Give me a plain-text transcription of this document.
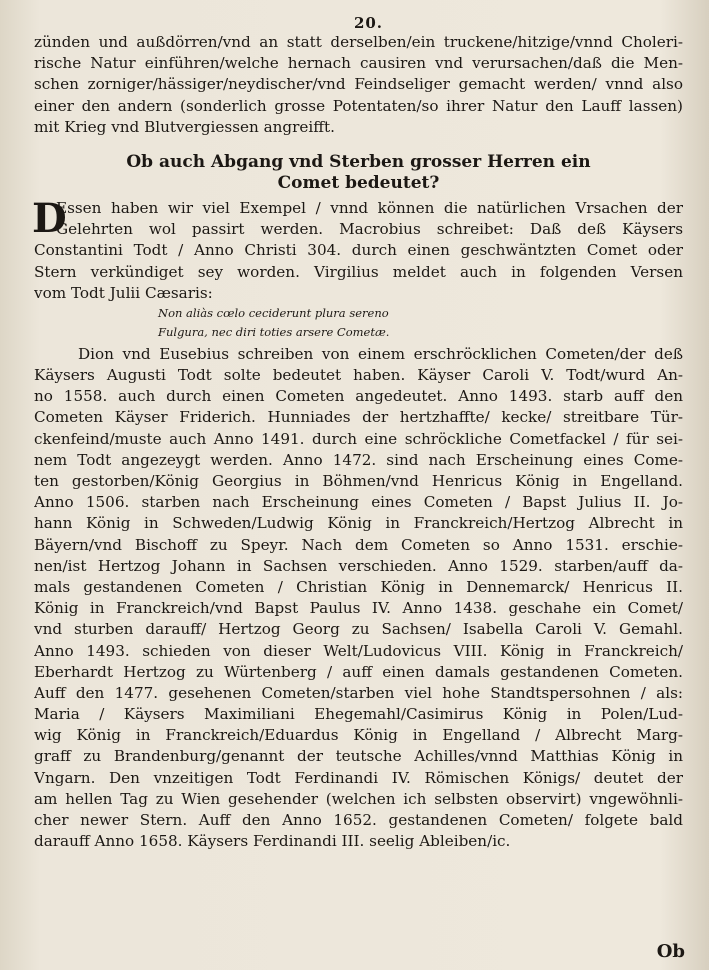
20.
zünden und außdörren/vnd an statt derselben/ein truckene/hitzige/vnnd Choleri-
rische Natur einführen/welche hernach causiren vnd verursachen/daß die Men-
schen zorniger/hässiger/neydischer/vnd Feindseliger gemacht werden/ vnnd also
einer den andern (sonderlich grosse Potentaten/so ihrer Natur den Lauff lassen)
mit Krieg vnd Blutvergiessen angreifft.
Ob auch Abgang vnd Sterben grosser Herren ein
Comet bedeutet?
D
Essen haben wir viel Exempel / vnnd können die natürlichen Vrsachen der
Gelehrten wol passirt werden. Macrobius schreibet: Daß deß Käysers
Constantini Todt / Anno Christi 304. durch einen geschwäntzten Comet oder
Stern verkündiget sey worden. Virgilius meldet auch in folgenden Versen
vom Todt Julii Cæsaris:
Non aliàs cœlo ceciderunt plura sereno
Fulgura, nec diri toties arsere Cometæ.
Dion vnd Eusebius schreiben von einem erschröcklichen Cometen/der deß
Käysers Augusti Todt solte bedeutet haben. Käyser Caroli V. Todt/wurd An-
no 1558. auch durch einen Cometen angedeutet. Anno 1493. starb auff den
Cometen Käyser Friderich. Hunniades der hertzhaffte/ kecke/ streitbare Tür-
ckenfeind/muste auch Anno 1491. durch eine schröckliche Cometfackel / für sei-
nem Todt angezeygt werden. Anno 1472. sind nach Erscheinung eines Come-
ten gestorben/König Georgius in Böhmen/vnd Henricus König in Engelland.
Anno 1506. starben nach Erscheinung eines Cometen / Bapst Julius II. Jo-
hann König in Schweden/Ludwig König in Franckreich/Hertzog Albrecht in
Bäyern/vnd Bischoff zu Speyr. Nach dem Cometen so Anno 1531. erschie-
nen/ist Hertzog Johann in Sachsen verschieden. Anno 1529. starben/auff da-
mals gestandenen Cometen / Christian König in Dennemarck/ Henricus II.
König in Franckreich/vnd Bapst Paulus IV. Anno 1438. geschahe ein Comet/
vnd sturben darauff/ Hertzog Georg zu Sachsen/ Isabella Caroli V. Gemahl.
Anno 1493. schieden von dieser Welt/Ludovicus VIII. König in Franckreich/
Eberhardt Hertzog zu Würtenberg / auff einen damals gestandenen Cometen.
Auff den 1477. gesehenen Cometen/starben viel hohe Standtspersohnen / als:
Maria / Käysers Maximiliani Ehegemahl/Casimirus König in Polen/Lud-
wig König in Franckreich/Eduardus König in Engelland / Albrecht Marg-
graff zu Brandenburg/genannt der teutsche Achilles/vnnd Matthias König in
Vngarn. Den vnzeitigen Todt Ferdinandi IV. Römischen Königs/ deutet der
am hellen Tag zu Wien gesehender (welchen ich selbsten observirt) vngewöhnli-
cher newer Stern. Auff den Anno 1652. gestandenen Cometen/ folgete bald
darauff Anno 1658. Käysers Ferdinandi III. seelig Ableiben/ic.
Ob
